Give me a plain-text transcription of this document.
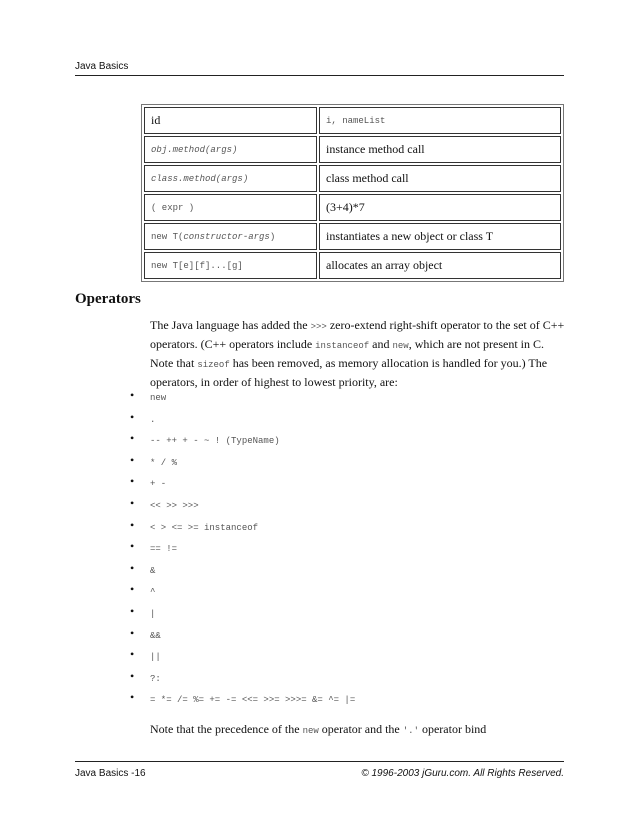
Java Basics
id	i, nameList
obj.method(args)	instance method call
class.method(args)	class method call
( expr )	(3+4)*7
new T(constructor-args)	instantiates a new object or class T
new T[e][f]...[g]	allocates an array object
Operators
The Java language has added the >>> zero-extend right-shift operator to the set of C++ operators. (C++ operators include instanceof and new, which are not present in C. Note that sizeof has been removed, as memory allocation is handled for you.) The operators, in order of highest to lowest priority, are:
• new
• .
• -- ++ + - ~ ! (TypeName)
• * / %
• + -
• << >> >>>
• < > <= >= instanceof
• == !=
• &
• ^
• |
• &&
• ||
• ?:
• = *= /= %= += -= <<= >>= >>>= &= ^= |=
Note that the precedence of the new operator and the '.' operator bind
Java Basics -16	© 1996-2003 jGuru.com. All Rights Reserved.
